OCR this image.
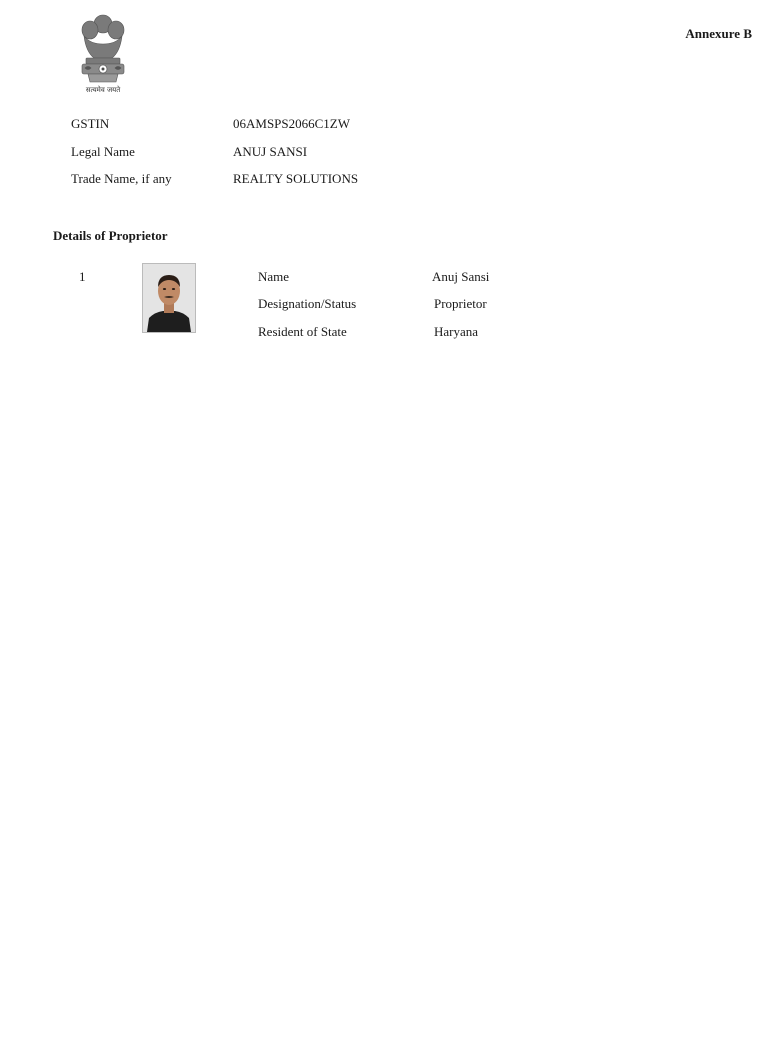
सत्यमेव जयते
Annexure B
GSTIN	06AMSPS2066C1ZW
Legal Name	ANUJ SANSI
Trade Name, if any	REALTY SOLUTIONS
Details of Proprietor
1	Name	Anuj Sansi
Designation/Status	Proprietor
Resident of State	Haryana
